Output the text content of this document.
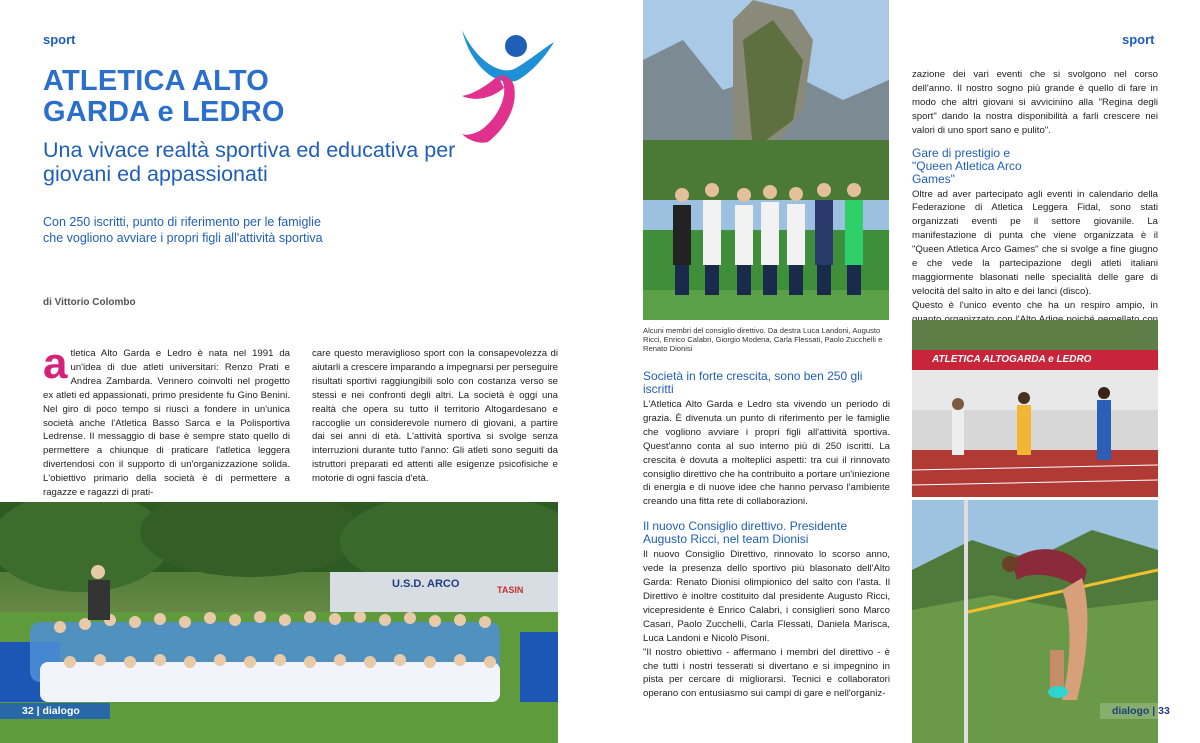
sport
ATLETICA ALTO
GARDA e LEDRO
Una vivace realtà sportiva ed educativa per giovani ed appassionati
Con 250 iscritti, punto di riferimento per le famiglie che vogliono avviare i propri figli all'attività sportiva
di Vittorio Colombo
atletica Alto Garda e Ledro è nata nel 1991 da un'idea di due atleti universitari: Renzo Prati e Andrea Zambarda. Vennero coinvolti nel progetto ex atleti ed appassionati, primo presidente fu Gino Benini. Nel giro di poco tempo si riuscì a fondere in un'unica società anche l'Atletica Basso Sarca e la Polisportiva Ledrense. Il messaggio di base è sempre stato quello di permettere a chiunque di praticare l'atletica leggera divertendosi con il supporto di un'organizzazione solida. L'obiettivo primario della società è di permettere a ragazze e ragazzi di prati-
care questo meraviglioso sport con la consapevolezza di aiutarli a crescere imparando a impegnarsi per perseguire risultati sportivi raggiungibili solo con costanza verso se stessi e nei confronti degli altri. La società è oggi una realtà che opera su tutto il territorio Altogardesano e raccoglie un considerevole numero di giovani, a partire dai sei anni di età. L'attività sportiva si svolge senza interruzioni durante tutto l'anno: Gli atleti sono seguiti da istruttori preparati ed attenti alle esigenze psicofisiche e motorie di ogni fascia d'età.
U.S.D. ARCO	TASIN
32 | dialogo
Alcuni membri del consiglio direttivo. Da destra Luca Landoni, Augusto Ricci, Enrico Calabri, Giorgio Modena, Carla Flessati, Paolo Zucchelli e Renato Dionisi
sport
Società in forte crescita, sono ben 250 gli iscritti
L'Atletica Alto Garda e Ledro sta vivendo un periodo di grazia. È divenuta un punto di riferimento per le famiglie che vogliono avviare i propri figli all'attività sportiva. Quest'anno conta al suo interno più di 250 iscritti. La crescita è dovuta a molteplici aspetti: tra cui il rinnovato consiglio direttivo che ha contribuito a portare un'iniezione di energia e di nuove idee che hanno pervaso l'ambiente creando una fitta rete di collaborazioni.
Il nuovo Consiglio direttivo. Presidente Augusto Ricci, nel team Dionisi
Il nuovo Consiglio Direttivo, rinnovato lo scorso anno, vede la presenza dello sportivo più blasonato dell'Alto Garda: Renato Dionisi olimpionico del salto con l'asta. Il Direttivo è inoltre costituito dal presidente Augusto Ricci, vicepresidente è Enrico Calabri, i consiglieri sono Marco Casari, Paolo Zucchelli, Carla Flessati, Daniela Marisca, Luca Landoni e Nicolò Pisoni.
"Il nostro obiettivo - affermano i membri del direttivo - è che tutti i nostri tesserati si divertano e si impegnino in pista per cercare di migliorarsi. Tecnici e collaboratori operano con entusiasmo sui campi di gare e nell'organiz-
zazione dei vari eventi che si svolgono nel corso dell'anno. Il nostro sogno più grande è quello di fare in modo che altri giovani si avvicinino alla "Regina degli sport" dando la nostra disponibilità a farli crescere nei valori di uno sport sano e pulito".
Gare di prestigio e "Queen Atletica Arco Games"
Oltre ad aver partecipato agli eventi in calendario della Federazione di Atletica Leggera Fidal, sono stati organizzati eventi pe il settore giovanile. La manifestazione di punta che viene organizzata è il "Queen Atletica Arco Games" che si svolge a fine giugno e che vede la partecipazione degli atleti italiani maggiormente blasonati nelle specialità delle gare di velocità del salto in alto e dei lanci (disco).
Questo è l'unico evento che ha un respiro ampio, in
ATLETICA ALTOGARDA e LEDRO
dialogo | 33
